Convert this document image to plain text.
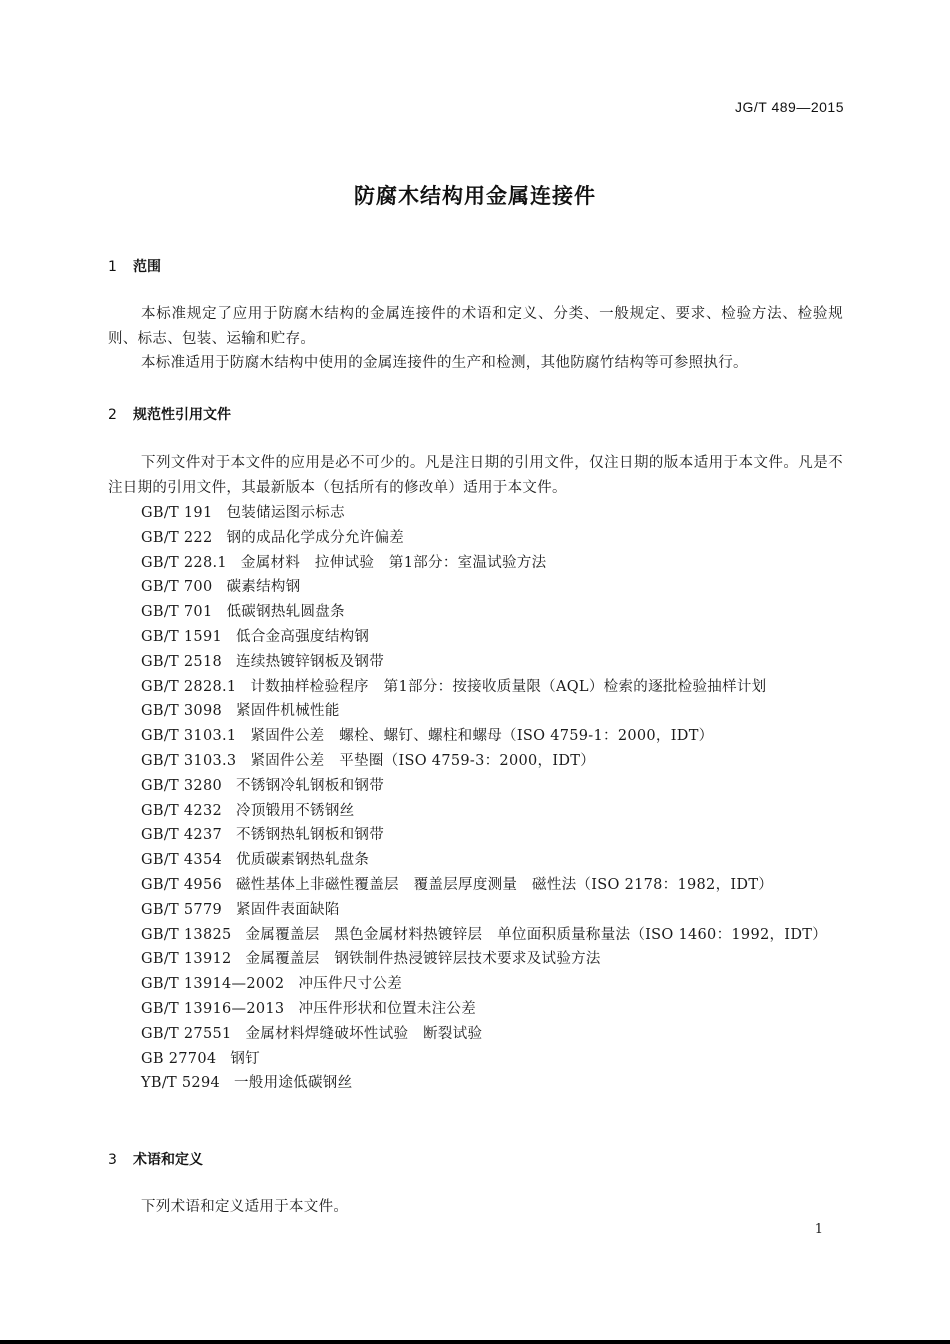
JG/T 489—2015
防腐木结构用金属连接件
1 范围
本标准规定了应用于防腐木结构的金属连接件的术语和定义、分类、一般规定、要求、检验方法、检验规则、标志、包装、运输和贮存。
本标准适用于防腐木结构中使用的金属连接件的生产和检测，其他防腐竹结构等可参照执行。
2 规范性引用文件
下列文件对于本文件的应用是必不可少的。凡是注日期的引用文件，仅注日期的版本适用于本文件。凡是不注日期的引用文件，其最新版本（包括所有的修改单）适用于本文件。
GB/T 191 包装储运图示标志
GB/T 222 钢的成品化学成分允许偏差
GB/T 228.1 金属材料　拉伸试验　第1部分：室温试验方法
GB/T 700 碳素结构钢
GB/T 701 低碳钢热轧圆盘条
GB/T 1591 低合金高强度结构钢
GB/T 2518 连续热镀锌钢板及钢带
GB/T 2828.1 计数抽样检验程序　第1部分：按接收质量限（AQL）检索的逐批检验抽样计划
GB/T 3098 紧固件机械性能
GB/T 3103.1 紧固件公差　螺栓、螺钉、螺柱和螺母（ISO 4759-1：2000，IDT）
GB/T 3103.3 紧固件公差　平垫圈（ISO 4759-3：2000，IDT）
GB/T 3280 不锈钢冷轧钢板和钢带
GB/T 4232 冷顶锻用不锈钢丝
GB/T 4237 不锈钢热轧钢板和钢带
GB/T 4354 优质碳素钢热轧盘条
GB/T 4956 磁性基体上非磁性覆盖层　覆盖层厚度测量　磁性法（ISO 2178：1982，IDT）
GB/T 5779 紧固件表面缺陷
GB/T 13825 金属覆盖层　黑色金属材料热镀锌层　单位面积质量称量法（ISO 1460：1992，IDT）
GB/T 13912 金属覆盖层　钢铁制件热浸镀锌层技术要求及试验方法
GB/T 13914—2002 冲压件尺寸公差
GB/T 13916—2013 冲压件形状和位置未注公差
GB/T 27551 金属材料焊缝破坏性试验　断裂试验
GB 27704 钢钉
YB/T 5294 一般用途低碳钢丝
3 术语和定义
下列术语和定义适用于本文件。
1
